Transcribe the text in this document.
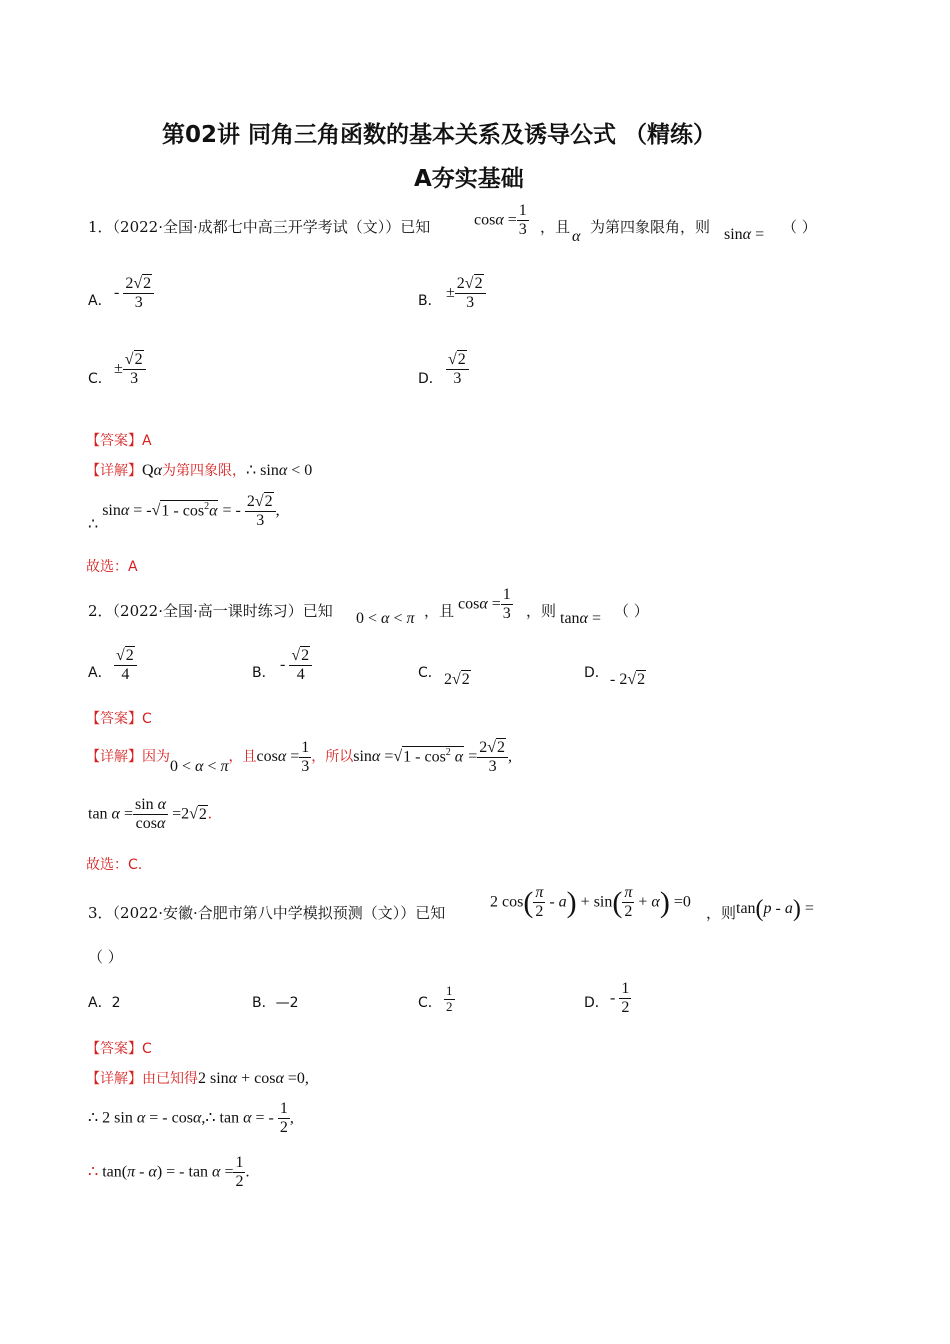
第02讲 同角三角函数的基本关系及诱导公式 （精练）
A夯实基础
1．（2022·全国·成都七中高三开学考试（文））已知	$\cos\alpha = \frac{1}{3}$ ，且
α
为第四象限角，则 sinα = （ ）
A． - $\frac{2√2}{3}$	B． ± $\frac{2√2}{3}$
C．
± $\frac{√2}{3}$	D． $\frac{√2}{3}$
【答案】A
【详解】Qα为第四象限，∴ sinα < 0
∴ $\sin\alpha = -√1 - \cos^2\alpha$ = - $\frac{2√2}{3}$ ,
故选：A
2．（2022·全国·高一课时练习）已知 0 < α < π ，且 $\cos\alpha = \frac{1}{3}$ ，则 tanα = （ ）
A． $\frac{√2}{4}$	B． - $\frac{√2}{4}$	C． 2√2	D． - 2√2
【答案】C
【详解】因为0 < α < π，且$\cos\alpha = \frac{1}{3}$ ，所以$\sin\alpha =√1 - \cos^2 \alpha = \frac{2√2}{3}$ ,
$\tan \alpha = \frac{\text{sin α}}{\cos\alpha} =2√2$.
故选：C.
3．（2022·安徽·合肥市第八中学模拟预测（文））已知
2 $\cos( \frac{\pi}{2} - a) + \sin( \frac{\pi}{2} + \alpha) =0$
，则 tan(p - a) =
（ ）
A．2	B．—2	C． $\frac{1}{2}$	D． - $\frac{1}{2}$
【答案】C
【详解】由已知得2 sinα + cosα =0,
∴ 2 sin α = - cosα,∴ tan α = - $\frac{1}{2}$ ,
∴ tan(π - α) = - $\tan \alpha = \frac{1}{2}$ .
